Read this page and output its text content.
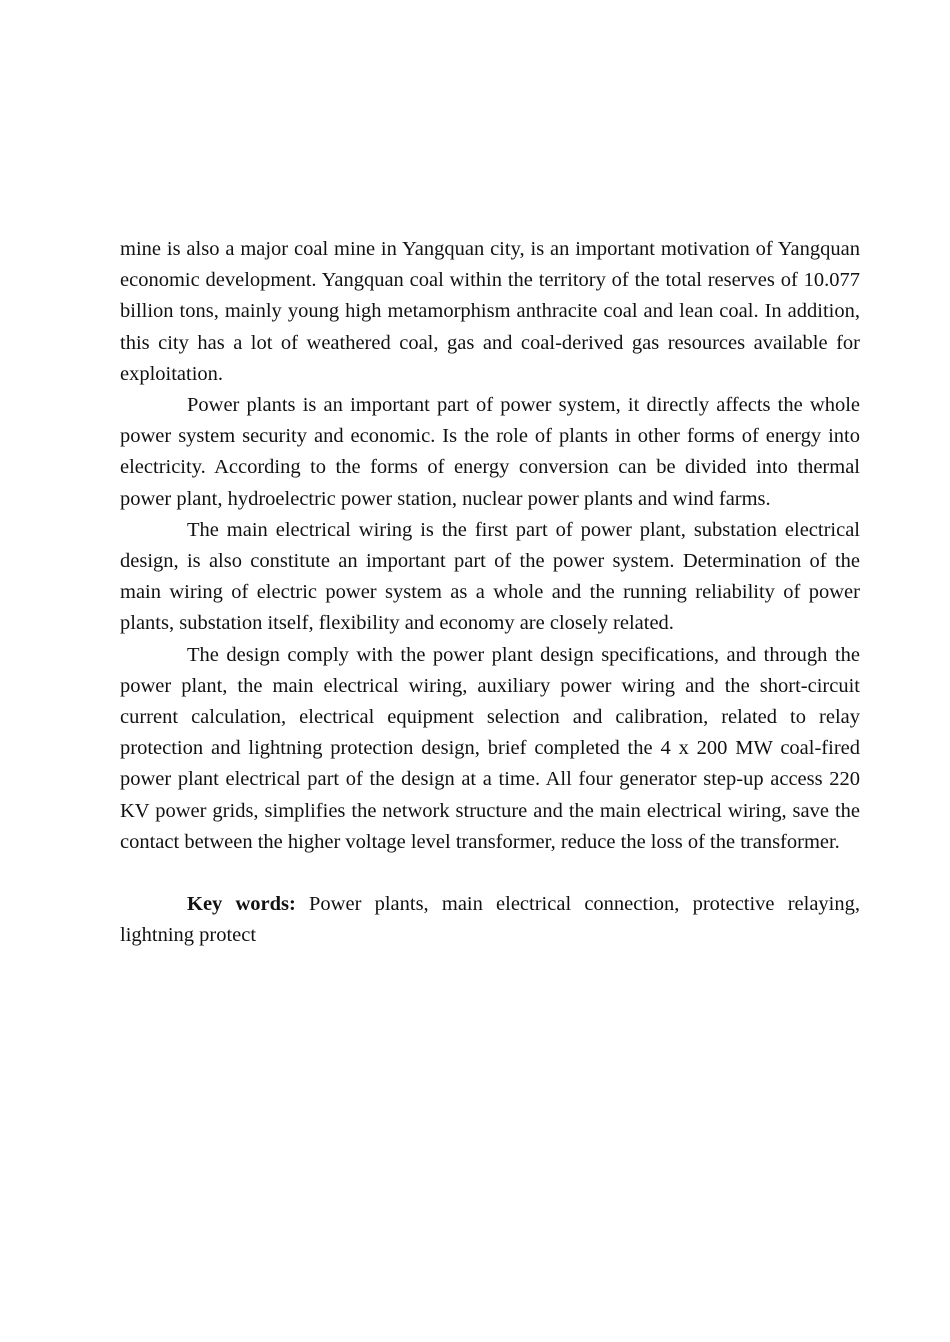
mine is also a major coal mine in Yangquan city, is an important motivation of Yangquan economic development. Yangquan coal within the territory of the total reserves of 10.077 billion tons, mainly young high metamorphism anthracite coal and lean coal. In addition, this city has a lot of weathered coal, gas and coal-derived gas resources available for exploitation.

Power plants is an important part of power system, it directly affects the whole power system security and economic. Is the role of plants in other forms of energy into electricity. According to the forms of energy conversion can be divided into thermal power plant, hydroelectric power station, nuclear power plants and wind farms.

The main electrical wiring is the first part of power plant, substation electrical design, is also constitute an important part of the power system. Determination of the main wiring of electric power system as a whole and the running reliability of power plants, substation itself, flexibility and economy are closely related.

The design comply with the power plant design specifications, and through the power plant, the main electrical wiring, auxiliary power wiring and the short-circuit current calculation, electrical equipment selection and calibration, related to relay protection and lightning protection design, brief completed the 4 x 200 MW coal-fired power plant electrical part of the design at a time. All four generator step-up access 220 KV power grids, simplifies the network structure and the main electrical wiring, save the contact between the higher voltage level transformer, reduce the loss of the transformer.

Key words: Power plants, main electrical connection, protective relaying, lightning protect
